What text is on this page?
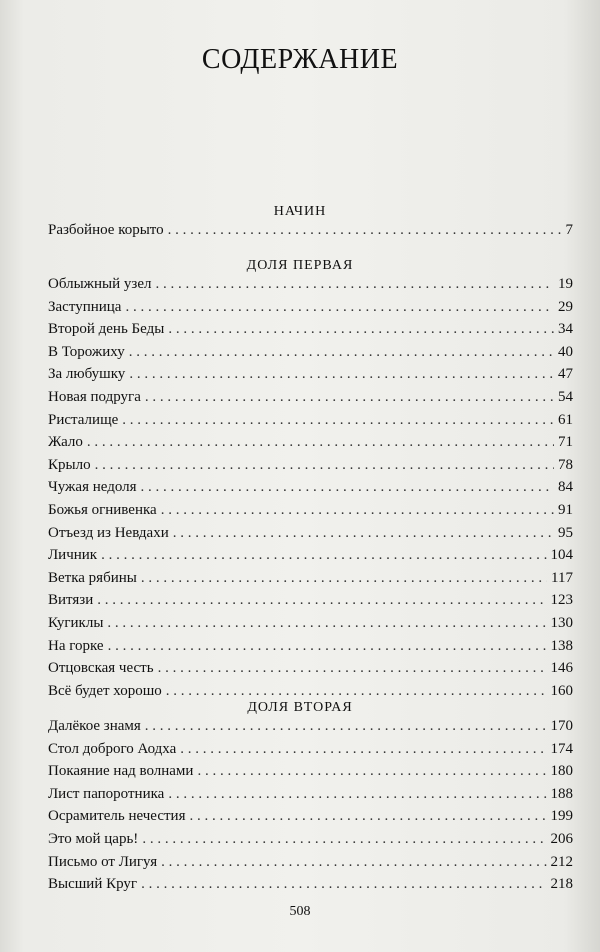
СОДЕРЖАНИЕ
НАЧИН
Разбойное корыто . . .	7
ДОЛЯ ПЕРВАЯ
Облыжный узел . . .	19
Заступница . . .	29
Второй день Беды . . .	34
В Торожиху . . .	40
За любушку . . .	47
Новая подруга . . .	54
Ристалище . . .	61
Жало . . .	71
Крыло . . .	78
Чужая недоля . . .	84
Божья огнивенка . . .	91
Отъезд из Невдахи . . .	95
Личник . . .	104
Ветка рябины . . .	117
Витязи . . .	123
Кугиклы . . .	130
На горке . . .	138
Отцовская честь . . .	146
Всё будет хорошо . . .	160
ДОЛЯ ВТОРАЯ
Далёкое знамя . . .	170
Стол доброго Аодха . . .	174
Покаяние над волнами . . .	180
Лист папоротника . . .	188
Осрамитель нечестия . . .	199
Это мой царь! . . .	206
Письмо от Лигуя . . .	212
Высший Круг . . .	218
508
